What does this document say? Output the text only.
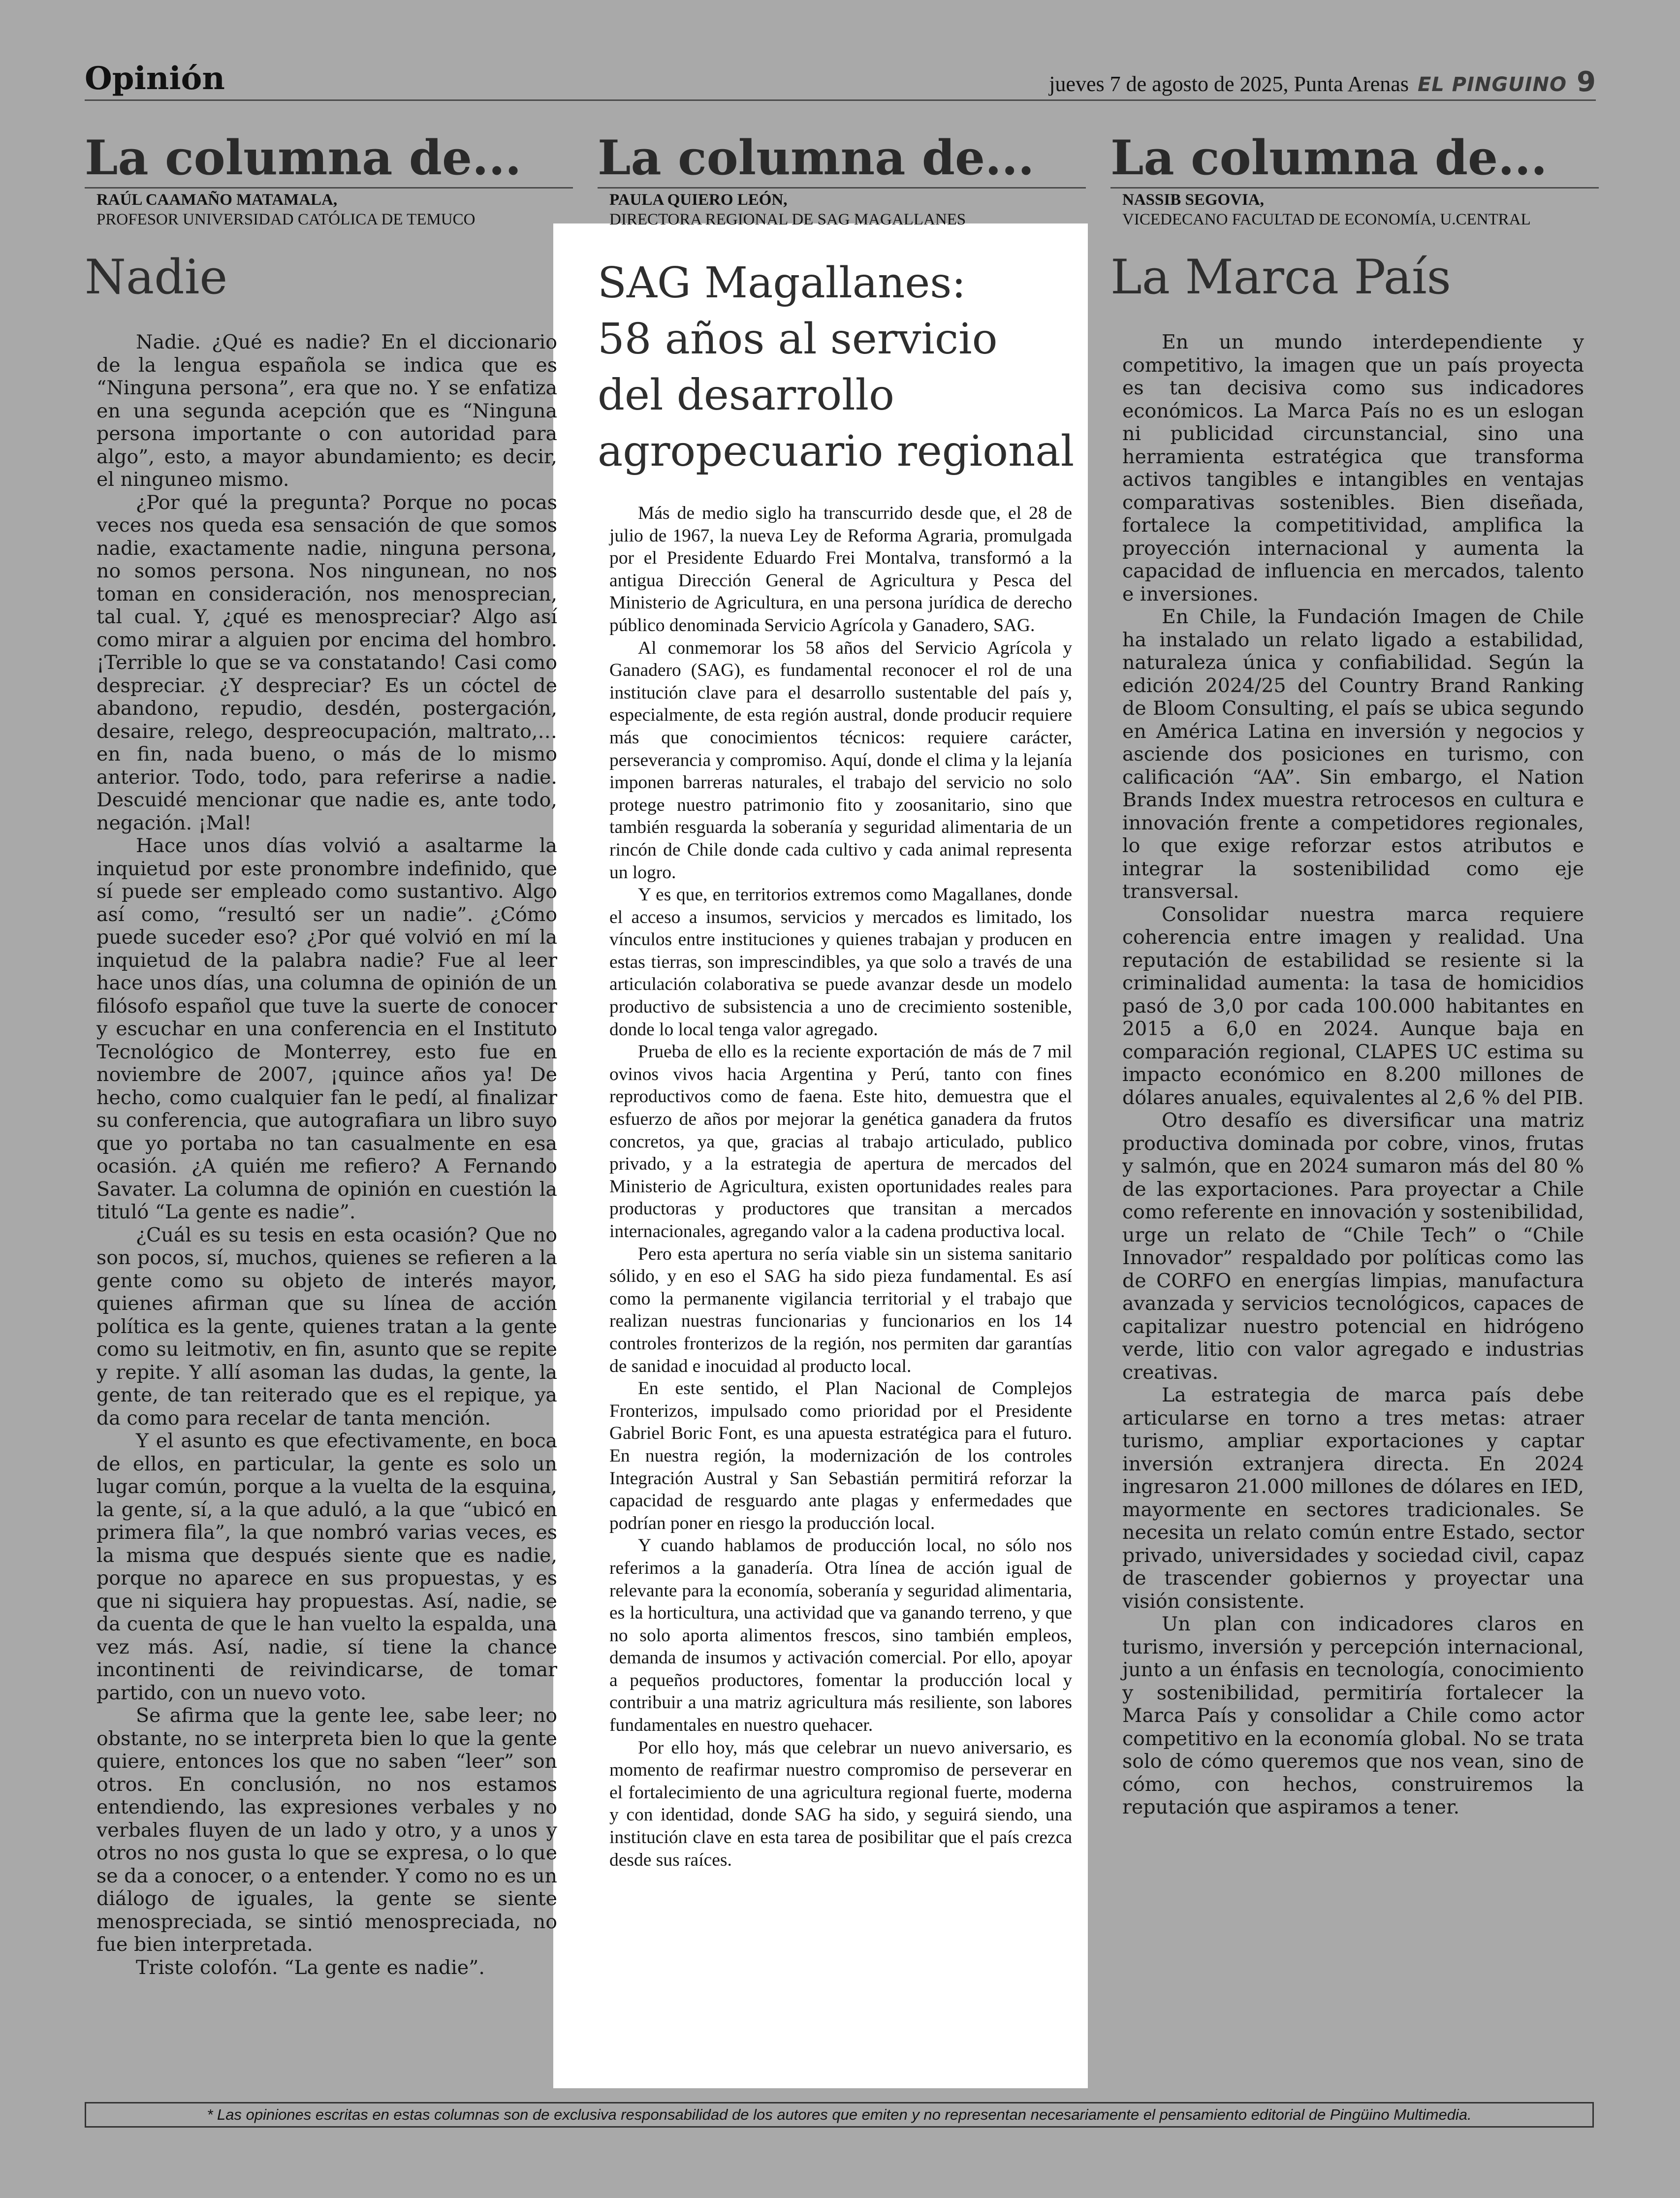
Opinión	jueves 7 de agosto de 2025, Punta Arenas EL PINGUINO 9
La columna de...	La columna de...	La columna de...
RAÚL CAAMAÑO MATAMALA,
PROFESOR UNIVERSIDAD CATÓLICA DE TEMUCO
PAULA QUIERO LEÓN,
DIRECTORA REGIONAL DE SAG MAGALLANES
NASSIB SEGOVIA,
VICEDECANO FACULTAD DE ECONOMÍA, U.CENTRAL
Nadie	SAG Magallanes:
58 años al servicio
del desarrollo
agropecuario regional
La Marca País

Nadie. ¿Qué es nadie? En el diccionario de la lengua española se indica que es “Ninguna persona”, era que no. Y se enfatiza en una segunda acepción que es “Ninguna persona importante o con autoridad para algo”, esto, a mayor abundamiento; es decir, el ninguneo mismo.

¿Por qué la pregunta? Porque no pocas veces nos queda esa sensación de que somos nadie, exactamente nadie, ninguna persona, no somos persona. Nos ningunean, no nos toman en consideración, nos menosprecian, tal cual. Y, ¿qué es menospreciar? Algo así como mirar a alguien por encima del hombro. ¡Terrible lo que se va constatando! Casi como despreciar. ¿Y despreciar? Es un cóctel de abandono, repudio, desdén, postergación, desaire, relego, despreocupación, maltrato,… en fin, nada bueno, o más de lo mismo anterior. Todo, todo, para referirse a nadie. Descuidé mencionar que nadie es, ante todo, negación. ¡Mal!

Hace unos días volvió a asaltarme la inquietud por este pronombre indefinido, que sí puede ser empleado como sustantivo. Algo así como, “resultó ser un nadie”. ¿Cómo puede suceder eso? ¿Por qué volvió en mí la inquietud de la palabra nadie? Fue al leer hace unos días, una columna de opinión de un filósofo español que tuve la suerte de conocer y escuchar en una conferencia en el Instituto Tecnológico de Monterrey, esto fue en noviembre de 2007, ¡quince años ya! De hecho, como cualquier fan le pedí, al finalizar su conferencia, que autografiara un libro suyo que yo portaba no tan casualmente en esa ocasión. ¿A quién me refiero? A Fernando Savater. La columna de opinión en cuestión la tituló “La gente es nadie”.

¿Cuál es su tesis en esta ocasión? Que no son pocos, sí, muchos, quienes se refieren a la gente como su objeto de interés mayor, quienes afirman que su línea de acción política es la gente, quienes tratan a la gente como su leitmotiv, en fin, asunto que se repite y repite. Y allí asoman las dudas, la gente, la gente, de tan reiterado que es el repique, ya da como para recelar de tanta mención.

Y el asunto es que efectivamente, en boca de ellos, en particular, la gente es solo un lugar común, porque a la vuelta de la esquina, la gente, sí, a la que aduló, a la que “ubicó en primera fila”, la que nombró varias veces, es la misma que después siente que es nadie, porque no aparece en sus propuestas, y es que ni siquiera hay propuestas. Así, nadie, se da cuenta de que le han vuelto la espalda, una vez más. Así, nadie, sí tiene la chance incontinenti de reivindicarse, de tomar partido, con un nuevo voto.

Se afirma que la gente lee, sabe leer; no obstante, no se interpreta bien lo que la gente quiere, entonces los que no saben “leer” son otros. En conclusión, no nos estamos entendiendo, las expresiones verbales y no verbales fluyen de un lado y otro, y a unos y otros no nos gusta lo que se expresa, o lo que se da a conocer, o a entender. Y como no es un diálogo de iguales, la gente se siente menospreciada, se sintió menospreciada, no fue bien interpretada.

Triste colofón. “La gente es nadie”.

Más de medio siglo ha transcurrido desde que, el 28 de julio de 1967, la nueva Ley de Reforma Agraria, promulgada por el Presidente Eduardo Frei Montalva, transformó a la antigua Dirección General de Agricultura y Pesca del Ministerio de Agricultura, en una persona jurídica de derecho público denominada Servicio Agrícola y Ganadero, SAG.

Al conmemorar los 58 años del Servicio Agrícola y Ganadero (SAG), es fundamental reconocer el rol de una institución clave para el desarrollo sustentable del país y, especialmente, de esta región austral, donde producir requiere más que conocimientos técnicos: requiere carácter, perseverancia y compromiso. Aquí, donde el clima y la lejanía imponen barreras naturales, el trabajo del servicio no solo protege nuestro patrimonio fito y zoosanitario, sino que también resguarda la soberanía y seguridad alimentaria de un rincón de Chile donde cada cultivo y cada animal representa un logro.

Y es que, en territorios extremos como Magallanes, donde el acceso a insumos, servicios y mercados es limitado, los vínculos entre instituciones y quienes trabajan y producen en estas tierras, son imprescindibles, ya que solo a través de una articulación colaborativa se puede avanzar desde un modelo productivo de subsistencia a uno de crecimiento sostenible, donde lo local tenga valor agregado.

Prueba de ello es la reciente exportación de más de 7 mil ovinos vivos hacia Argentina y Perú, tanto con fines reproductivos como de faena. Este hito, demuestra que el esfuerzo de años por mejorar la genética ganadera da frutos concretos, ya que, gracias al trabajo articulado, publico privado, y a la estrategia de apertura de mercados del Ministerio de Agricultura, existen oportunidades reales para productoras y productores que transitan a mercados internacionales, agregando valor a la cadena productiva local.

Pero esta apertura no sería viable sin un sistema sanitario sólido, y en eso el SAG ha sido pieza fundamental. Es así como la permanente vigilancia territorial y el trabajo que realizan nuestras funcionarias y funcionarios en los 14 controles fronterizos de la región, nos permiten dar garantías de sanidad e inocuidad al producto local.

En este sentido, el Plan Nacional de Complejos Fronterizos, impulsado como prioridad por el Presidente Gabriel Boric Font, es una apuesta estratégica para el futuro. En nuestra región, la modernización de los controles Integración Austral y San Sebastián permitirá reforzar la capacidad de resguardo ante plagas y enfermedades que podrían poner en riesgo la producción local.

Y cuando hablamos de producción local, no sólo nos referimos a la ganadería. Otra línea de acción igual de relevante para la economía, soberanía y seguridad alimentaria, es la horticultura, una actividad que va ganando terreno, y que no solo aporta alimentos frescos, sino también empleos, demanda de insumos y activación comercial. Por ello, apoyar a pequeños productores, fomentar la producción local y contribuir a una matriz agricultura más resiliente, son labores fundamentales en nuestro quehacer.

Por ello hoy, más que celebrar un nuevo aniversario, es momento de reafirmar nuestro compromiso de perseverar en el fortalecimiento de una agricultura regional fuerte, moderna y con identidad, donde SAG ha sido, y seguirá siendo, una institución clave en esta tarea de posibilitar que el país crezca desde sus raíces.

En un mundo interdependiente y competitivo, la imagen que un país proyecta es tan decisiva como sus indicadores económicos. La Marca País no es un eslogan ni publicidad circunstancial, sino una herramienta estratégica que transforma activos tangibles e intangibles en ventajas comparativas sostenibles. Bien diseñada, fortalece la competitividad, amplifica la proyección internacional y aumenta la capacidad de influencia en mercados, talento e inversiones.

En Chile, la Fundación Imagen de Chile ha instalado un relato ligado a estabilidad, naturaleza única y confiabilidad. Según la edición 2024/25 del Country Brand Ranking de Bloom Consulting, el país se ubica segundo en América Latina en inversión y negocios y asciende dos posiciones en turismo, con calificación “AA”. Sin embargo, el Nation Brands Index muestra retrocesos en cultura e innovación frente a competidores regionales, lo que exige reforzar estos atributos e integrar la sostenibilidad como eje transversal.

Consolidar nuestra marca requiere coherencia entre imagen y realidad. Una reputación de estabilidad se resiente si la criminalidad aumenta: la tasa de homicidios pasó de 3,0 por cada 100.000 habitantes en 2015 a 6,0 en 2024. Aunque baja en comparación regional, CLAPES UC estima su impacto económico en 8.200 millones de dólares anuales, equivalentes al 2,6 % del PIB.

Otro desafío es diversificar una matriz productiva dominada por cobre, vinos, frutas y salmón, que en 2024 sumaron más del 80 % de las exportaciones. Para proyectar a Chile como referente en innovación y sostenibilidad, urge un relato de “Chile Tech” o “Chile Innovador” respaldado por políticas como las de CORFO en energías limpias, manufactura avanzada y servicios tecnológicos, capaces de capitalizar nuestro potencial en hidrógeno verde, litio con valor agregado e industrias creativas.

La estrategia de marca país debe articularse en torno a tres metas: atraer turismo, ampliar exportaciones y captar inversión extranjera directa. En 2024 ingresaron 21.000 millones de dólares en IED, mayormente en sectores tradicionales. Se necesita un relato común entre Estado, sector privado, universidades y sociedad civil, capaz de trascender gobiernos y proyectar una visión consistente.

Un plan con indicadores claros en turismo, inversión y percepción internacional, junto a un énfasis en tecnología, conocimiento y sostenibilidad, permitiría fortalecer la Marca País y consolidar a Chile como actor competitivo en la economía global. No se trata solo de cómo queremos que nos vean, sino de cómo, con hechos, construiremos la reputación que aspiramos a tener.

* Las opiniones escritas en estas columnas son de exclusiva responsabilidad de los autores que emiten y no representan necesariamente el pensamiento editorial de Pingüino Multimedia.
